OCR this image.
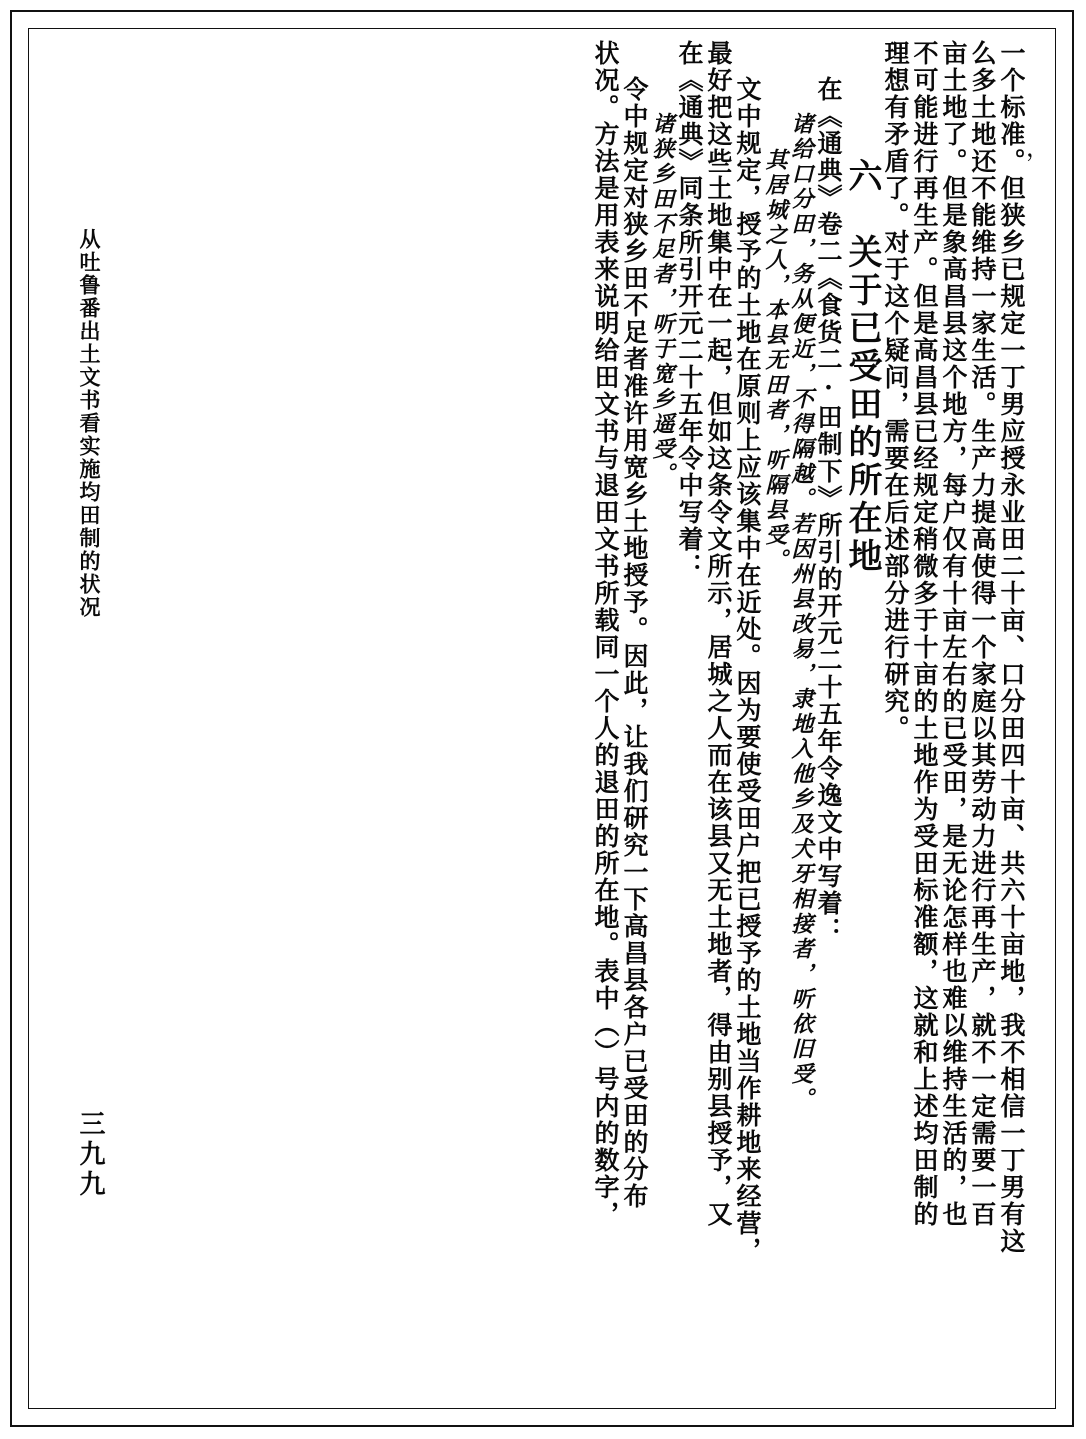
，
一个标准。但狭乡已规定一丁男应授永业田二十亩、口分田四十亩、共六十亩地，我不相信一丁男有这
么多土地还不能维持一家生活。生产力提高使得一个家庭以其劳动力进行再生产，就不一定需要一百
亩土地了。但是象高昌县这个地方，每户仅有十亩左右的已受田，是无论怎样也难以维持生活的，也
不可能进行再生产。但是高昌县已经规定稍微多于十亩的土地作为受田标准额，这就和上述均田制的
理想有矛盾了。对于这个疑问，需要在后述部分进行研究。
六　关于已受田的所在地
在《通典》卷二《食货二·田制下》所引的开元二十五年令逸文中写着：
诸给口分田，务从便近，不得隔越。若因州县改易，隶地入他乡及犬牙相接者，听依旧受。
其居城之人，本县无田者，听隔县受。
文中规定，授予的土地在原则上应该集中在近处。因为要使受田户把已授予的土地当作耕地来经营，
最好把这些土地集中在一起，但如这条令文所示，居城之人而在该县又无土地者，得由别县授予，又
在《通典》同条所引开元二十五年令中写着：
诸狭乡田不足者，听于宽乡遥受。
令中规定对狭乡田不足者准许用宽乡土地授予。因此，让我们研究一下高昌县各户已受田的分布
状况。方法是用表来说明给田文书与退田文书所载同一个人的退田的所在地。表中（）号内的数字，
从吐鲁番出土文书看实施均田制的状况
三九九
